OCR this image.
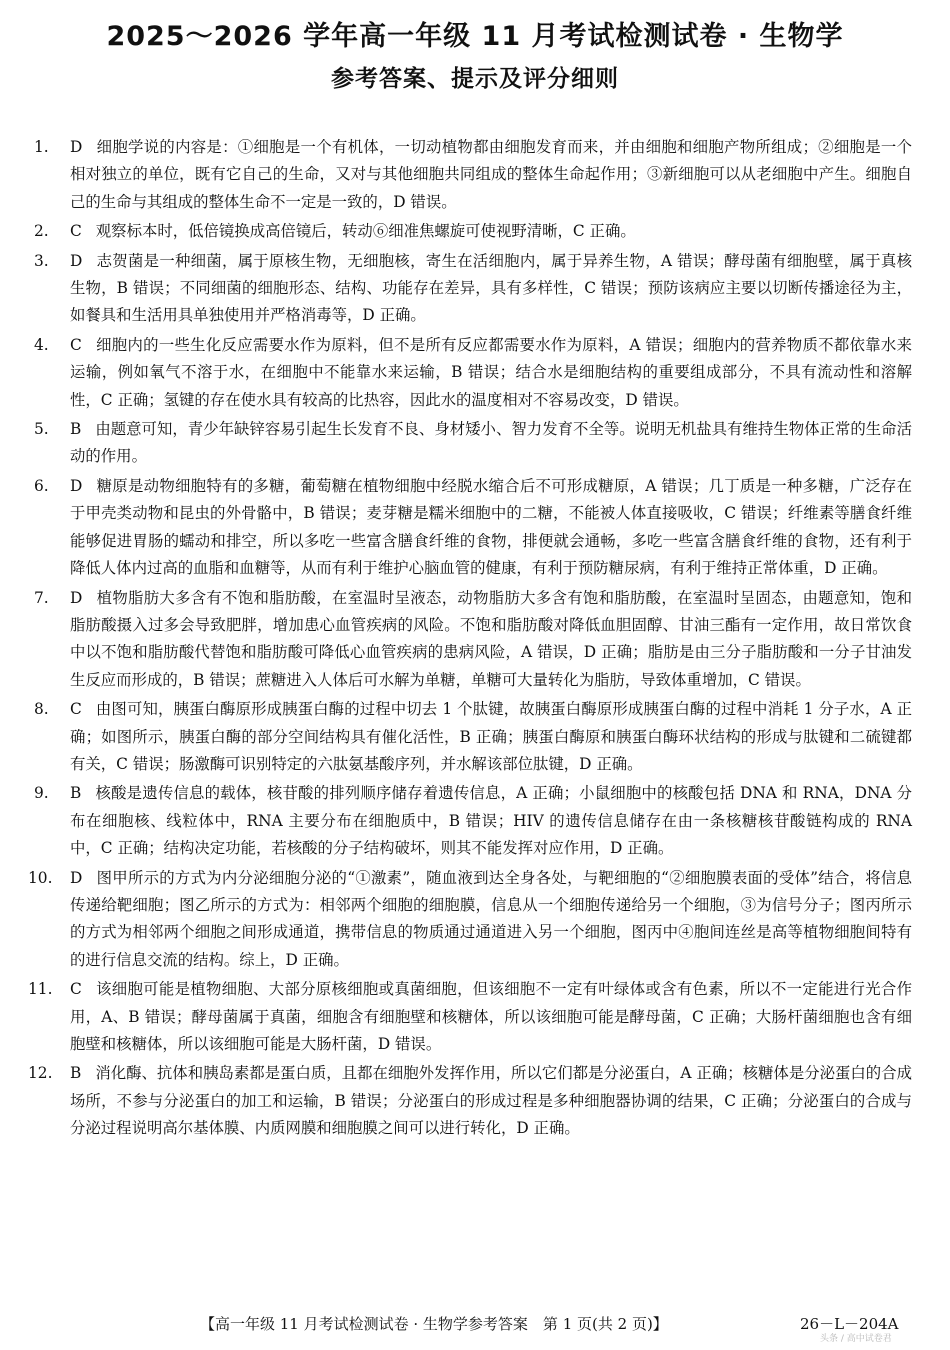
2025～2026 学年高一年级 11 月考试检测试卷 · 生物学
参考答案、提示及评分细则
1. D 细胞学说的内容是：①细胞是一个有机体，一切动植物都由细胞发育而来，并由细胞和细胞产物所组成；②细胞是一个相对独立的单位，既有它自己的生命，又对与其他细胞共同组成的整体生命起作用；③新细胞可以从老细胞中产生。细胞自己的生命与其组成的整体生命不一定是一致的，D 错误。
2. C 观察标本时，低倍镜换成高倍镜后，转动⑥细准焦螺旋可使视野清晰，C 正确。
3. D 志贺菌是一种细菌，属于原核生物，无细胞核，寄生在活细胞内，属于异养生物，A 错误；酵母菌有细胞壁，属于真核生物，B 错误；不同细菌的细胞形态、结构、功能存在差异，具有多样性，C 错误；预防该病应主要以切断传播途径为主，如餐具和生活用具单独使用并严格消毒等，D 正确。
4. C 细胞内的一些生化反应需要水作为原料，但不是所有反应都需要水作为原料，A 错误；细胞内的营养物质不都依靠水来运输，例如氧气不溶于水，在细胞中不能靠水来运输，B 错误；结合水是细胞结构的重要组成部分，不具有流动性和溶解性，C 正确；氢键的存在使水具有较高的比热容，因此水的温度相对不容易改变，D 错误。
5. B 由题意可知，青少年缺锌容易引起生长发育不良、身材矮小、智力发育不全等。说明无机盐具有维持生物体正常的生命活动的作用。
6. D 糖原是动物细胞特有的多糖，葡萄糖在植物细胞中经脱水缩合后不可形成糖原，A 错误；几丁质是一种多糖，广泛存在于甲壳类动物和昆虫的外骨骼中，B 错误；麦芽糖是糯米细胞中的二糖，不能被人体直接吸收，C 错误；纤维素等膳食纤维能够促进胃肠的蠕动和排空，所以多吃一些富含膳食纤维的食物，排便就会通畅，多吃一些富含膳食纤维的食物，还有利于降低人体内过高的血脂和血糖等，从而有利于维护心脑血管的健康，有利于预防糖尿病，有利于维持正常体重，D 正确。
7. D 植物脂肪大多含有不饱和脂肪酸，在室温时呈液态，动物脂肪大多含有饱和脂肪酸，在室温时呈固态，由题意知，饱和脂肪酸摄入过多会导致肥胖，增加患心血管疾病的风险。不饱和脂肪酸对降低血胆固醇、甘油三酯有一定作用，故日常饮食中以不饱和脂肪酸代替饱和脂肪酸可降低心血管疾病的患病风险，A 错误，D 正确；脂肪是由三分子脂肪酸和一分子甘油发生反应而形成的，B 错误；蔗糖进入人体后可水解为单糖，单糖可大量转化为脂肪，导致体重增加，C 错误。
8. C 由图可知，胰蛋白酶原形成胰蛋白酶的过程中切去 1 个肽键，故胰蛋白酶原形成胰蛋白酶的过程中消耗 1 分子水，A 正确；如图所示，胰蛋白酶的部分空间结构具有催化活性，B 正确；胰蛋白酶原和胰蛋白酶环状结构的形成与肽键和二硫键都有关，C 错误；肠激酶可识别特定的六肽氨基酸序列，并水解该部位肽键，D 正确。
9. B 核酸是遗传信息的载体，核苷酸的排列顺序储存着遗传信息，A 正确；小鼠细胞中的核酸包括 DNA 和 RNA，DNA 分布在细胞核、线粒体中，RNA 主要分布在细胞质中，B 错误；HIV 的遗传信息储存在由一条核糖核苷酸链构成的 RNA 中，C 正确；结构决定功能，若核酸的分子结构破坏，则其不能发挥对应作用，D 正确。
10. D 图甲所示的方式为内分泌细胞分泌的“①激素”，随血液到达全身各处，与靶细胞的“②细胞膜表面的受体”结合，将信息传递给靶细胞；图乙所示的方式为：相邻两个细胞的细胞膜，信息从一个细胞传递给另一个细胞，③为信号分子；图丙所示的方式为相邻两个细胞之间形成通道，携带信息的物质通过通道进入另一个细胞，图丙中④胞间连丝是高等植物细胞间特有的进行信息交流的结构。综上，D 正确。
11. C 该细胞可能是植物细胞、大部分原核细胞或真菌细胞，但该细胞不一定有叶绿体或含有色素，所以不一定能进行光合作用，A、B 错误；酵母菌属于真菌，细胞含有细胞壁和核糖体，所以该细胞可能是酵母菌，C 正确；大肠杆菌细胞也含有细胞壁和核糖体，所以该细胞可能是大肠杆菌，D 错误。
12. B 消化酶、抗体和胰岛素都是蛋白质，且都在细胞外发挥作用，所以它们都是分泌蛋白，A 正确；核糖体是分泌蛋白的合成场所，不参与分泌蛋白的加工和运输，B 错误；分泌蛋白的形成过程是多种细胞器协调的结果，C 正确；分泌蛋白的合成与分泌过程说明高尔基体膜、内质网膜和细胞膜之间可以进行转化，D 正确。
【高一年级 11 月考试检测试卷 · 生物学参考答案　第 1 页(共 2 页)】	26－L－204A
头条 / 高中试卷君
